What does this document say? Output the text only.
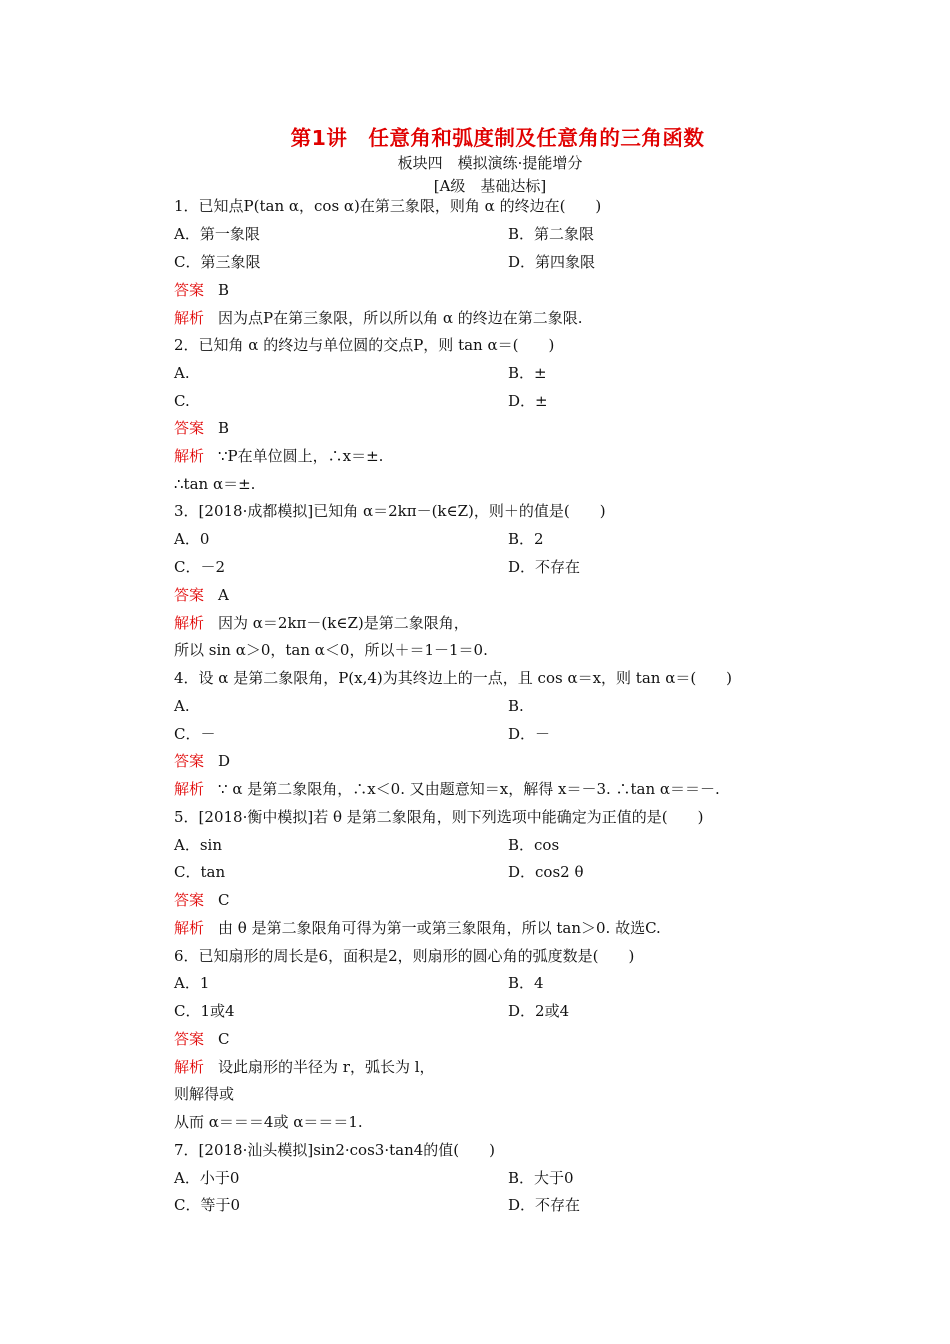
第1讲　任意角和弧度制及任意角的三角函数
板块四　模拟演练·提能增分
[A级　基础达标]
1．已知点P(tan α，cos α)在第三象限，则角 α 的终边在(　　)
A．第一象限	B．第二象限
C．第三象限	D．第四象限
答案 B
解析 因为点P在第三象限，所以所以角 α 的终边在第二象限.
2．已知角 α 的终边与单位圆的交点P，则 tan α＝(　　)
A.	B．±
C.	D．±
答案 B
解析 ∵P在单位圆上，∴x＝±.
∴tan α＝±.
3．[2018·成都模拟]已知角 α＝2kπ－(k∈Z)，则＋的值是(　　)
A．0	B．2
C．－2	D．不存在
答案 A
解析 因为 α＝2kπ－(k∈Z)是第二象限角，
所以 sin α＞0，tan α＜0，所以＋＝1－1＝0.
4．设 α 是第二象限角，P(x,4)为其终边上的一点，且 cos α＝x，则 tan α＝(　　)
A.	B.
C．－	D．－
答案 D
解析 ∵ α 是第二象限角，∴x＜0. 又由题意知＝x，解得 x＝－3. ∴tan α＝＝－.
5．[2018·衡中模拟]若 θ 是第二象限角，则下列选项中能确定为正值的是(　　)
A．sin	B．cos
C．tan	D．cos2 θ
答案 C
解析 由 θ 是第二象限角可得为第一或第三象限角，所以 tan＞0. 故选C.
6．已知扇形的周长是6，面积是2，则扇形的圆心角的弧度数是(　　)
A．1	B．4
C．1或4	D．2或4
答案 C
解析 设此扇形的半径为 r，弧长为 l，
则解得或
从而 α＝＝＝4或 α＝＝＝1.
7．[2018·汕头模拟]sin2·cos3·tan4的值(　　)
A．小于0	B．大于0
C．等于0	D．不存在
